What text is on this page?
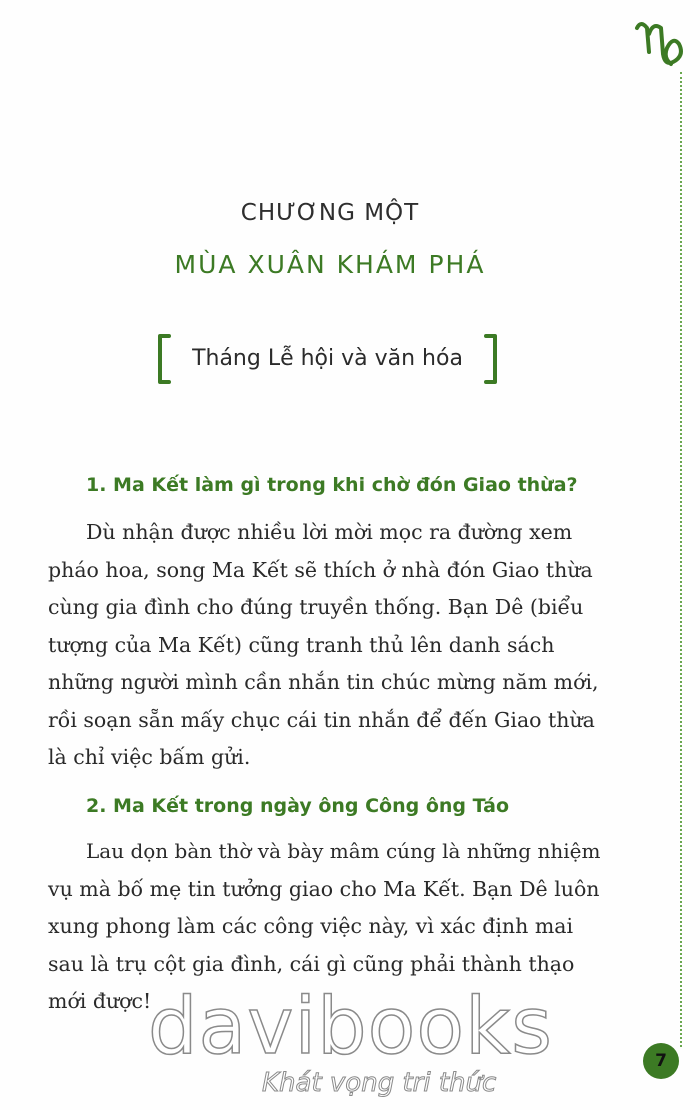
CHƯƠNG MỘT
MÙA XUÂN KHÁM PHÁ
Tháng Lễ hội và văn hóa
1. Ma Kết làm gì trong khi chờ đón Giao thừa?

Dù nhận được nhiều lời mời mọc ra đường xem
pháo hoa, song Ma Kết sẽ thích ở nhà đón Giao thừa
cùng gia đình cho đúng truyền thống. Bạn Dê (biểu
tượng của Ma Kết) cũng tranh thủ lên danh sách
những người mình cần nhắn tin chúc mừng năm mới,
rồi soạn sẵn mấy chục cái tin nhắn để đến Giao thừa
là chỉ việc bấm gửi.

2. Ma Kết trong ngày ông Công ông Táo

Lau dọn bàn thờ và bày mâm cúng là những nhiệm
vụ mà bố mẹ tin tưởng giao cho Ma Kết. Bạn Dê luôn
xung phong làm các công việc này, vì xác định mai
sau là trụ cột gia đình, cái gì cũng phải thành thạo
mới được!

davibooks
Khát vọng tri thức
7
